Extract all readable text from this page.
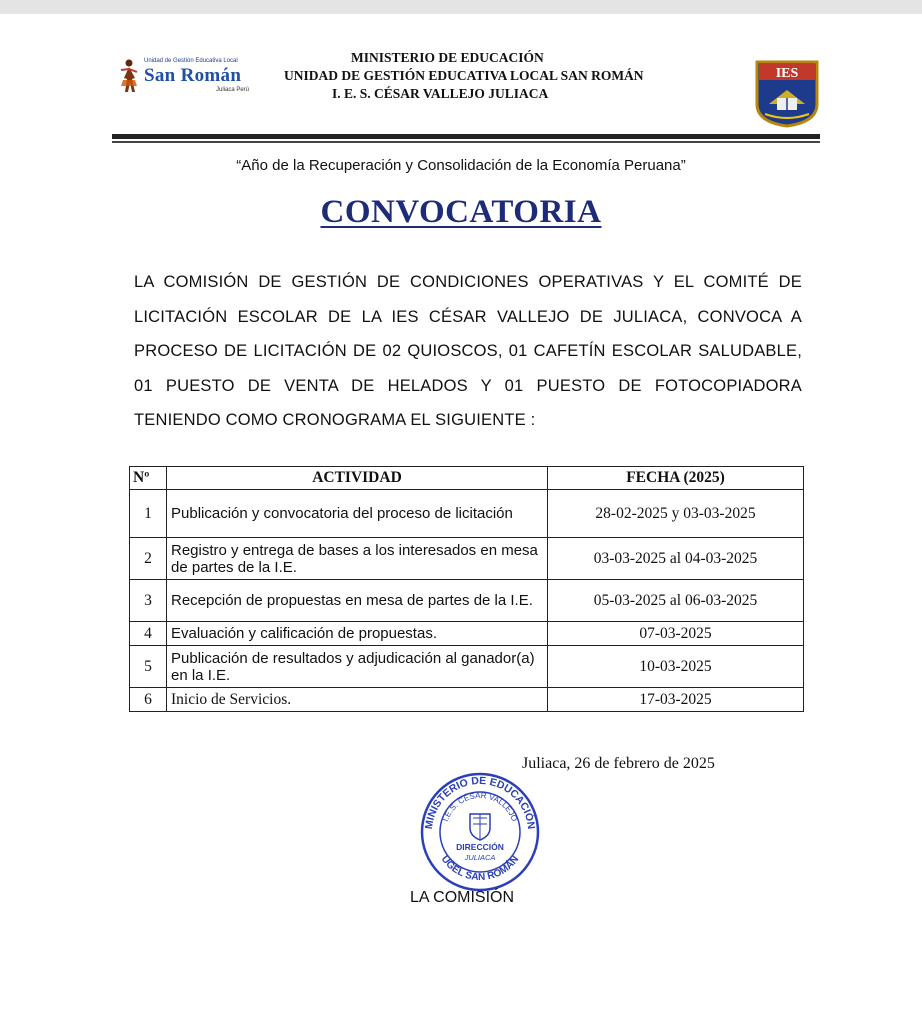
Unidad de Gestión Educativa Local
San Román
Juliaca Perú
MINISTERIO DE EDUCACIÓN
UNIDAD DE GESTIÓN EDUCATIVA LOCAL SAN ROMÁN
I. E. S. CÉSAR VALLEJO JULIACA
IES
“Año de la Recuperación y Consolidación de la Economía Peruana”
CONVOCATORIA
LA COMISIÓN DE GESTIÓN DE CONDICIONES OPERATIVAS Y EL COMITÉ DE LICITACIÓN ESCOLAR DE LA IES CÉSAR VALLEJO DE JULIACA, CONVOCA A PROCESO DE LICITACIÓN DE 02 QUIOSCOS, 01 CAFETÍN ESCOLAR SALUDABLE, 01 PUESTO DE VENTA DE HELADOS Y 01 PUESTO DE FOTOCOPIADORA TENIENDO COMO CRONOGRAMA EL SIGUIENTE :
Nº	ACTIVIDAD	FECHA (2025)
1	Publicación y convocatoria del proceso de licitación	28-02-2025 y 03-03-2025
2	Registro y entrega de bases a los interesados en mesa de partes de la I.E.	03-03-2025 al 04-03-2025
3	Recepción de propuestas en mesa de partes de la I.E.	05-03-2025 al 06-03-2025
4	Evaluación y calificación de propuestas.	07-03-2025
5	Publicación de resultados y adjudicación al ganador(a) en la I.E.	10-03-2025
6	Inicio de Servicios.	17-03-2025
Juliaca, 26 de febrero de 2025
MINISTERIO DE EDUCACIÓN
I.E.S. CÉSAR VALLEJO
DIRECCIÓN
JULIACA
UGEL SAN ROMÁN
LA COMISIÓN
